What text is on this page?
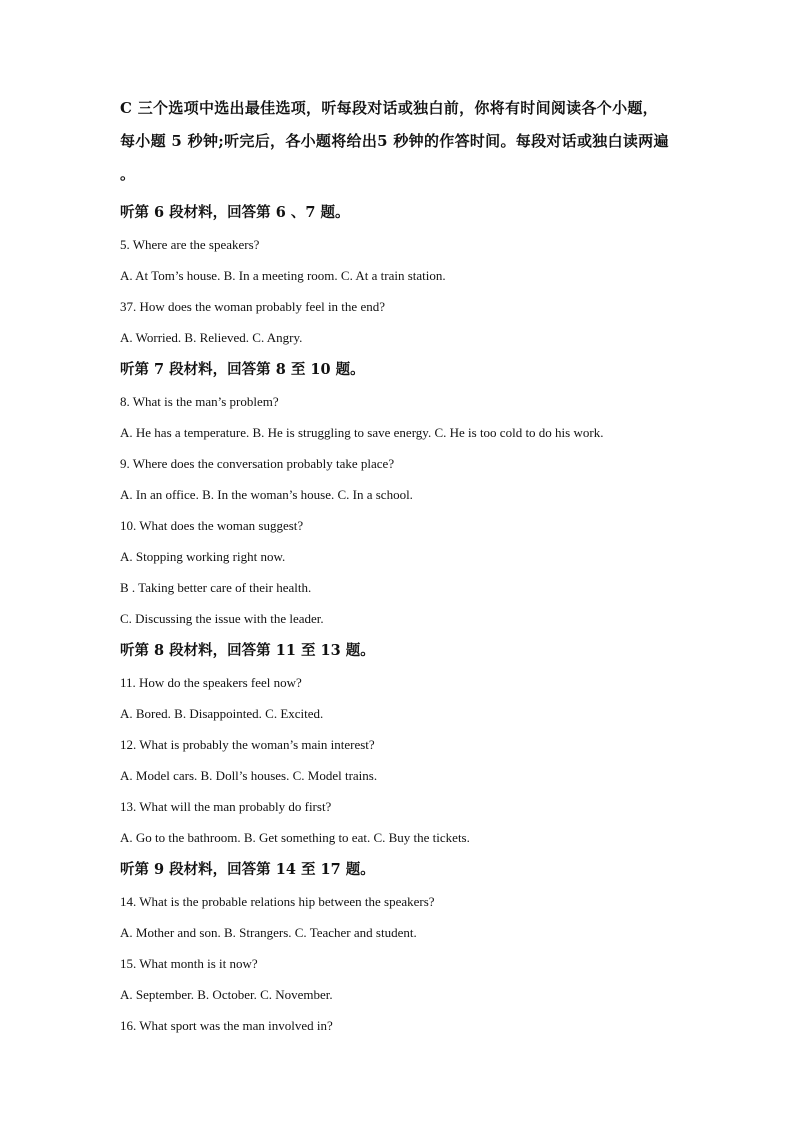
C 三个选项中选出最佳选项，听每段对话或独白前，你将有时间阅读各个小题，

每小题 5 秒钟;听完后，各小题将给出5 秒钟的作答时间。每段对话或独白读两遍

。

听第 6 段材料，回答第 6 、7 题。

5. Where are the speakers?

A. At Tom’s house. B. In a meeting room. C. At a train station.

37. How does the woman probably feel in the end?

A. Worried. B. Relieved. C. Angry.

听第 7 段材料，回答第 8 至 10 题。

8. What is the man’s problem?

A. He has a temperature. B. He is struggling to save energy. C. He is too cold to do his work.

9. Where does the conversation probably take place?

A. In an office. B. In the woman’s house. C. In a school.

10. What does the woman suggest?

A. Stopping working right now.

B . Taking better care of their health.

C. Discussing the issue with the leader.

听第 8 段材料，回答第 11 至 13 题。

11. How do the speakers feel now?

A. Bored. B. Disappointed. C. Excited.

12. What is probably the woman’s main interest?

A. Model cars. B. Doll’s houses. C. Model trains.

13. What will the man probably do first?

A. Go to the bathroom. B. Get something to eat. C. Buy the tickets.

听第 9 段材料，回答第 14 至 17 题。

14. What is the probable relations hip between the speakers?

A. Mother and son. B. Strangers. C. Teacher and student.

15. What month is it now?

A. September. B. October. C. November.

16. What sport was the man involved in?
